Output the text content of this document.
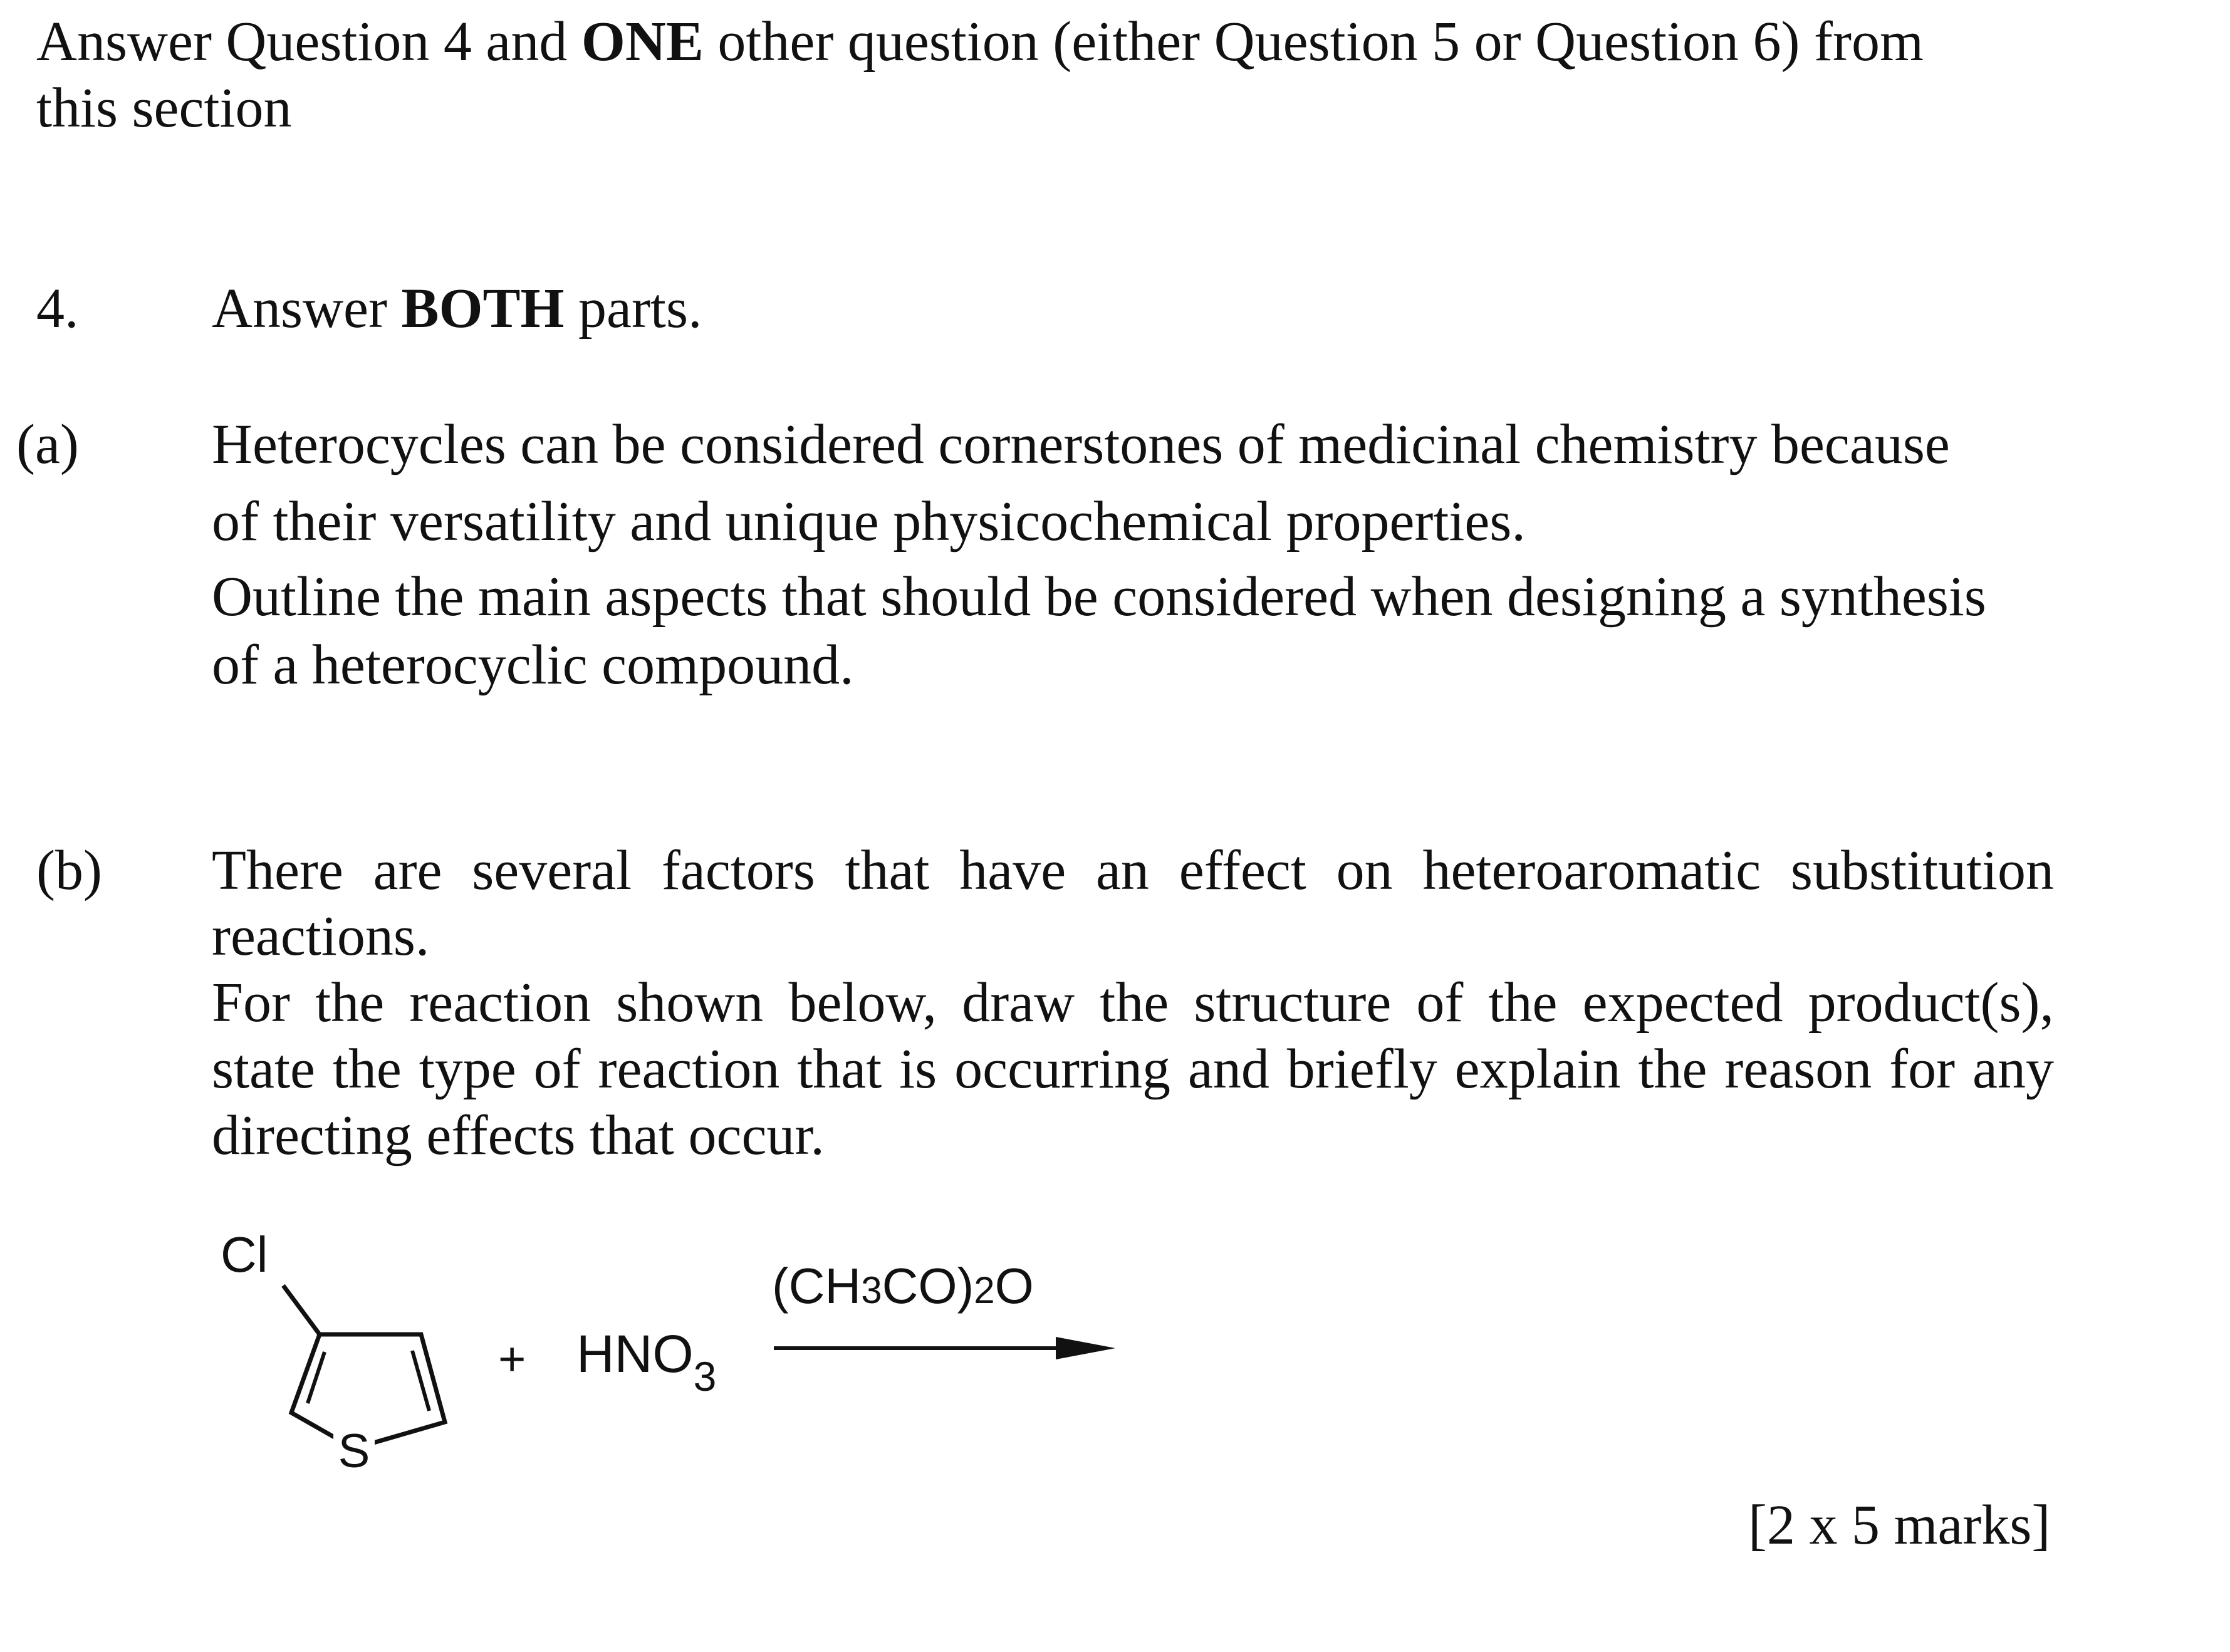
Answer Question 4 and ONE other question (either Question 5 or Question 6) from
this section
4. Answer BOTH parts.
(a) Heterocycles can be considered cornerstones of medicinal chemistry because
of their versatility and unique physicochemical properties.
Outline the main aspects that should be considered when designing a synthesis
of a heterocyclic compound.
(b) There are several factors that have an effect on heteroaromatic substitution
reactions.
For the reaction shown below, draw the structure of the expected product(s),
state the type of reaction that is occurring and briefly explain the reason for any
directing effects that occur.
Cl
S
+ $HNO_3$
(CH3CO)2O
[2 x 5 marks]
